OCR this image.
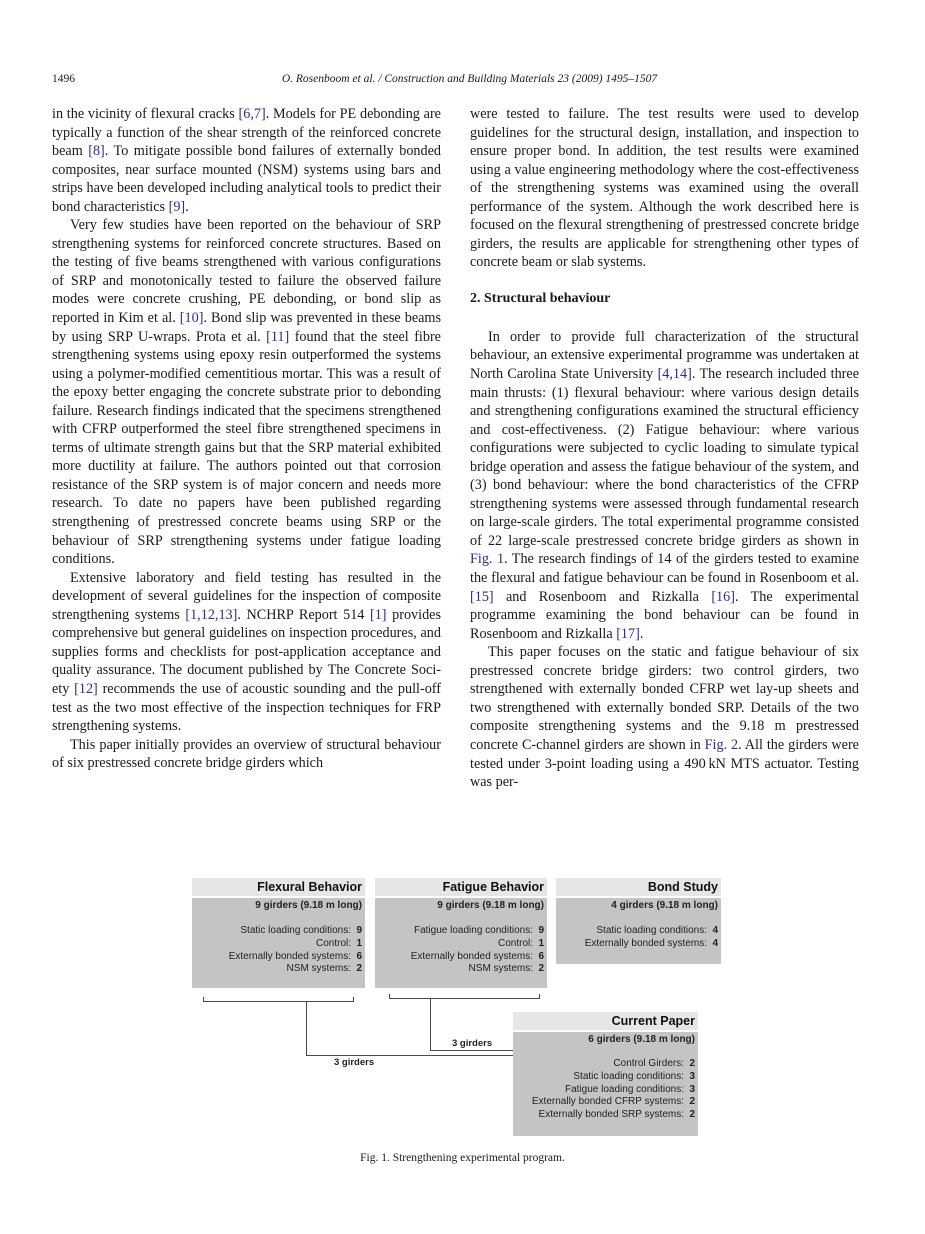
1496	O. Rosenboom et al. / Construction and Building Materials 23 (2009) 1495–1507

in the vicinity of flexural cracks [6,7]. Models for PE debonding are typically a function of the shear strength of the reinforced concrete beam [8]. To mitigate possible bond failures of externally bonded composites, near surface mounted (NSM) systems using bars and strips have been developed including analytical tools to predict their bond characteristics [9].

Very few studies have been reported on the behaviour of SRP strengthening systems for reinforced concrete structures. Based on the testing of five beams strengthened with various configurations of SRP and monotonically tested to failure the observed failure modes were concrete crushing, PE debonding, or bond slip as reported in Kim et al. [10]. Bond slip was prevented in these beams by using SRP U-wraps. Prota et al. [11] found that the steel fibre strengthening systems using epoxy resin outperformed the systems using a polymer-modified cementitious mortar. This was a result of the epoxy better engaging the concrete substrate prior to debonding failure. Research findings indicated that the specimens strengthened with CFRP outperformed the steel fibre strengthened specimens in terms of ultimate strength gains but that the SRP material exhibited more ductility at failure. The authors pointed out that corrosion resistance of the SRP system is of major concern and needs more research. To date no papers have been published regarding strengthening of prestressed concrete beams using SRP or the behaviour of SRP strengthening systems under fatigue loading conditions.

Extensive laboratory and field testing has resulted in the development of several guidelines for the inspection of composite strengthening systems [1,12,13]. NCHRP Report 514 [1] provides comprehensive but general guidelines on inspection procedures, and supplies forms and checklists for post-application acceptance and quality assurance. The document published by The Concrete Society [12] recommends the use of acoustic sounding and the pull-off test as the two most effective of the inspection techniques for FRP strengthening systems.

This paper initially provides an overview of structural behaviour of six prestressed concrete bridge girders which

were tested to failure. The test results were used to develop guidelines for the structural design, installation, and inspection to ensure proper bond. In addition, the test results were examined using a value engineering methodology where the cost-effectiveness of the strengthening systems was examined using the overall performance of the system. Although the work described here is focused on the flexural strengthening of prestressed concrete bridge girders, the results are applicable for strengthening other types of concrete beam or slab systems.

2. Structural behaviour

In order to provide full characterization of the structural behaviour, an extensive experimental programme was undertaken at North Carolina State University [4,14]. The research included three main thrusts: (1) flexural behaviour: where various design details and strengthening configurations examined the structural efficiency and cost-effectiveness. (2) Fatigue behaviour: where various configurations were subjected to cyclic loading to simulate typical bridge operation and assess the fatigue behaviour of the system, and (3) bond behaviour: where the bond characteristics of the CFRP strengthening systems were assessed through fundamental research on large-scale girders. The total experimental programme consisted of 22 large-scale prestressed concrete bridge girders as shown in Fig. 1. The research findings of 14 of the girders tested to examine the flexural and fatigue behaviour can be found in Rosenboom et al. [15] and Rosenboom and Rizkalla [16]. The experimental programme examining the bond behaviour can be found in Rosenboom and Rizkalla [17].

This paper focuses on the static and fatigue behaviour of six prestressed concrete bridge girders: two control girders, two strengthened with externally bonded CFRP wet lay-up sheets and two strengthened with externally bonded SRP. Details of the two composite strengthening systems and the 9.18 m prestressed concrete C-channel girders are shown in Fig. 2. All the girders were tested under 3-point loading using a 490 kN MTS actuator. Testing was per-

Flexural Behavior
9 girders (9.18 m long)
Static loading conditions: 9
Control: 1
Externally bonded systems: 6
NSM systems: 2
Fatigue Behavior
9 girders (9.18 m long)
Fatigue loading conditions: 9
Control: 1
Externally bonded systems: 6
NSM systems: 2
Bond Study
4 girders (9.18 m long)
Static loading conditions: 4
Externally bonded systems: 4
Current Paper
6 girders (9.18 m long)
Control Girders: 2
Static loading conditions: 3
Fatigue loading conditions: 3
Externally bonded CFRP systems: 2
Externally bonded SRP systems: 2
3 girders
3 girders
Fig. 1. Strengthening experimental program.
